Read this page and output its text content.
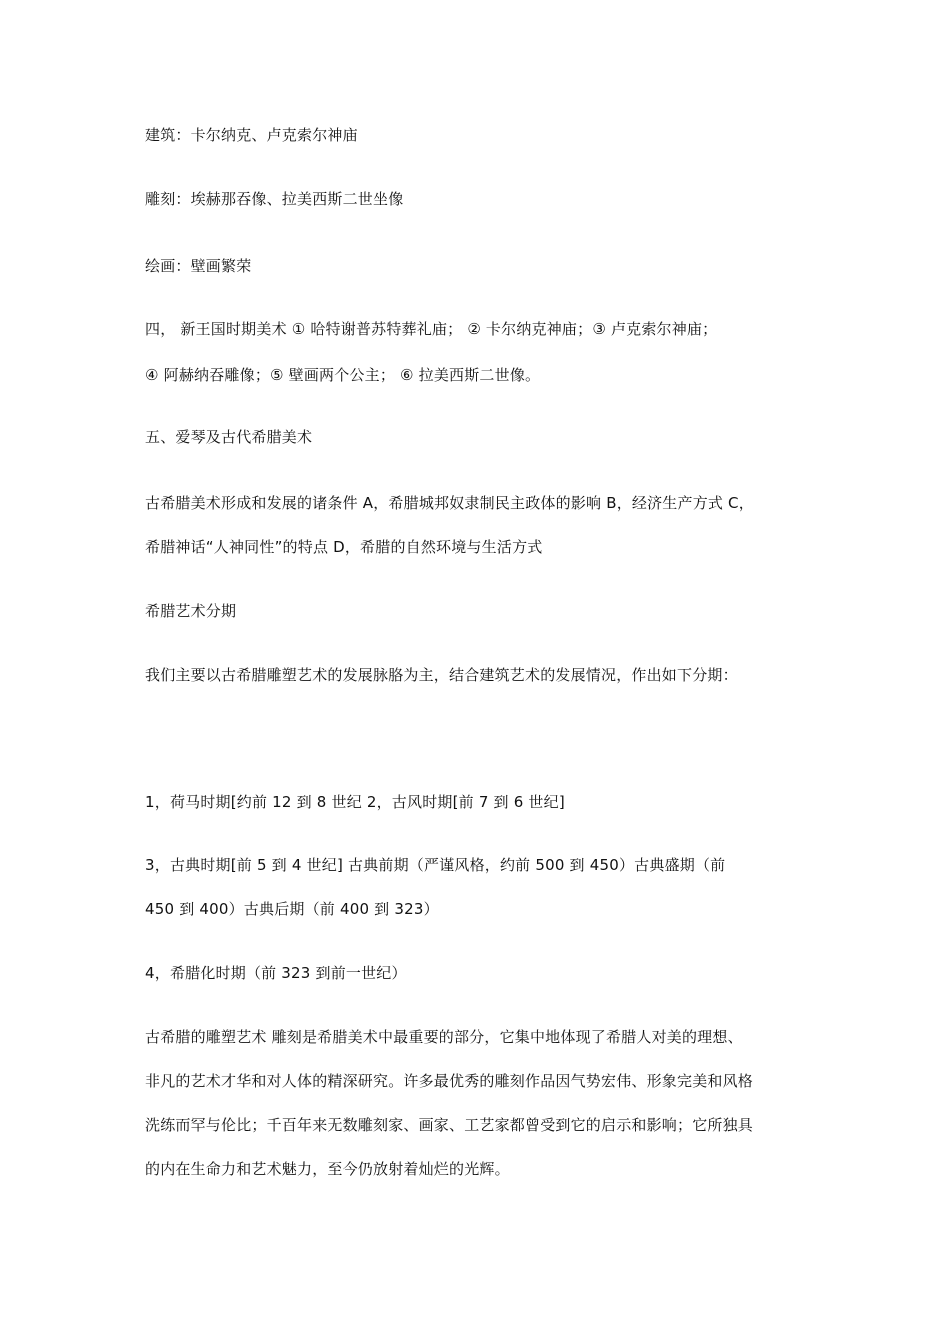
建筑：卡尔纳克、卢克索尔神庙
雕刻：埃赫那吞像、拉美西斯二世坐像
绘画：壁画繁荣
四， 新王国时期美术 ① 哈特谢普苏特葬礼庙； ② 卡尔纳克神庙；③ 卢克索尔神庙；
④ 阿赫纳吞雕像；⑤ 壁画两个公主； ⑥ 拉美西斯二世像。
五、爱琴及古代希腊美术
古希腊美术形成和发展的诸条件 A，希腊城邦奴隶制民主政体的影响 B，经济生产方式 C，
希腊神话“人神同性”的特点 D，希腊的自然环境与生活方式
希腊艺术分期
我们主要以古希腊雕塑艺术的发展脉胳为主，结合建筑艺术的发展情况，作出如下分期：
1，荷马时期[约前 12 到 8 世纪 2，古风时期[前 7 到 6 世纪]
3，古典时期[前 5 到 4 世纪] 古典前期（严谨风格，约前 500 到 450）古典盛期（前
450 到 400）古典后期（前 400 到 323）
4，希腊化时期（前 323 到前一世纪）
古希腊的雕塑艺术 雕刻是希腊美术中最重要的部分，它集中地体现了希腊人对美的理想、
非凡的艺术才华和对人体的精深研究。许多最优秀的雕刻作品因气势宏伟、形象完美和风格
洗练而罕与伦比；千百年来无数雕刻家、画家、工艺家都曾受到它的启示和影响；它所独具
的内在生命力和艺术魅力，至今仍放射着灿烂的光辉。
